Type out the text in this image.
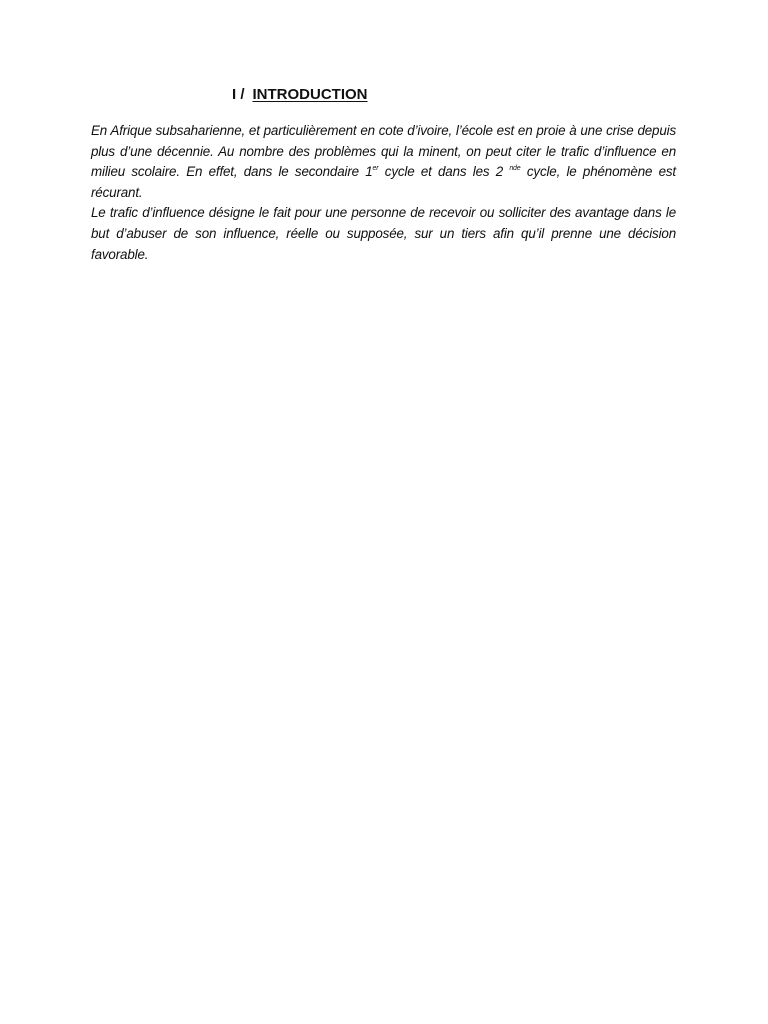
I / INTRODUCTION

En Afrique subsaharienne, et particulièrement en cote d’ivoire, l’école est en proie à une crise depuis plus d’une décennie. Au nombre des problèmes qui la minent, on peut citer le trafic d’influence en milieu scolaire. En effet, dans le secondaire 1er cycle et dans les 2 $^{nde}$ cycle, le phénomène est récurant.

Le trafic d’influence désigne le fait pour une personne de recevoir ou solliciter des avantage dans le but d’abuser de son influence, réelle ou supposée, sur un tiers afin qu’il prenne une décision favorable.
